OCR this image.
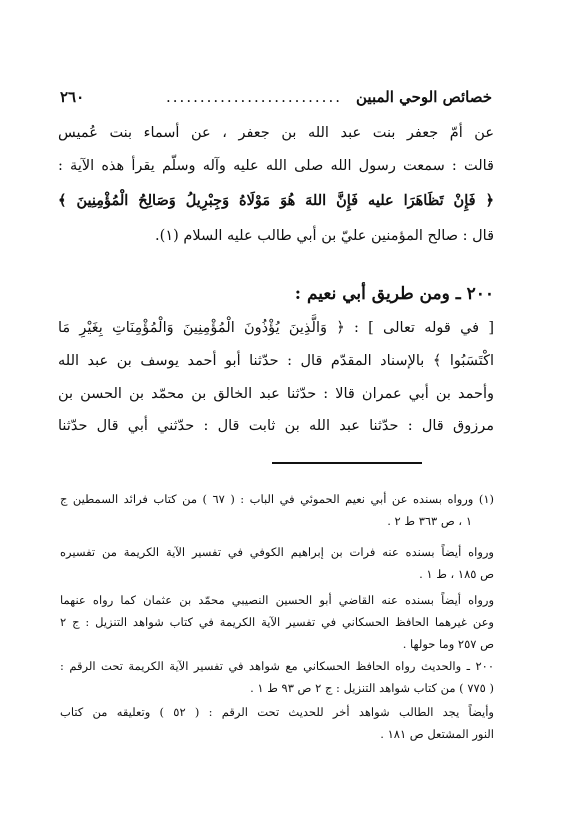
خصائص الوحي المبين
..........................
٢٦٠
عن أمّ جعفر بنت عبد الله بن جعفر ، عن أسماء بنت عُميس
قالت : سمعت رسول الله صلى الله عليه وآله وسلّم يقرأ هذه الآية :
﴿ فَإِنْ تَظَاهَرَا عليه فَإِنَّ اللهَ هُوَ مَوْلَاهُ وَجِبْرِيلُ وَصَالِحُ الْمُؤْمِنِينَ ﴾
قال : صالح المؤمنين عليّ بن أبي طالب عليه السلام (١).
٢٠٠ ـ ومن طريق أبي نعيم :
[ في قوله تعالى ] : ﴿ وَالَّذِينَ يُؤْذُونَ الْمُؤْمِنِينَ وَالْمُؤْمِنَاتِ بِغَيْرِ مَا
اكْتَسَبُوا ﴾ بالإسناد المقدّم قال : حدّثنا أبو أحمد يوسف بن عبد الله
وأحمد بن أبي عمران قالا : حدّثنا عبد الخالق بن محمّد بن الحسن بن
مرزوق قال : حدّثنا عبد الله بن ثابت قال : حدّثني أبي قال حدّثنا
(١) ورواه بسنده عن أبي نعيم الحموئي في الباب : ( ٦٧ ) من كتاب فرائد السمطين ج
١ ، ص ٣٦٣ ط ٢ .
ورواه أيضاً بسنده عنه فرات بن إبراهيم الكوفي في تفسير الآية الكريمة من تفسيره
ص ١٨٥ ، ط ١ .
ورواه أيضاً بسنده عنه القاضي أبو الحسين النصيبي محمّد بن عثمان كما رواه عنهما
وعن غيرهما الحافظ الحسكاني في تفسير الآية الكريمة في كتاب شواهد التنزيل : ج ٢
ص ٢٥٧ وما حولها .
٢٠٠ ـ والحديث رواه الحافظ الحسكاني مع شواهد في تفسير الآية الكريمة تحت الرقم :
( ٧٧٥ ) من كتاب شواهد التنزيل : ج ٢ ص ٩٣ ط ١ .
وأيضاً يجد الطالب شواهد أخر للحديث تحت الرقم : ( ٥٢ ) وتعليقه من كتاب
النور المشتعل ص ١٨١ .
